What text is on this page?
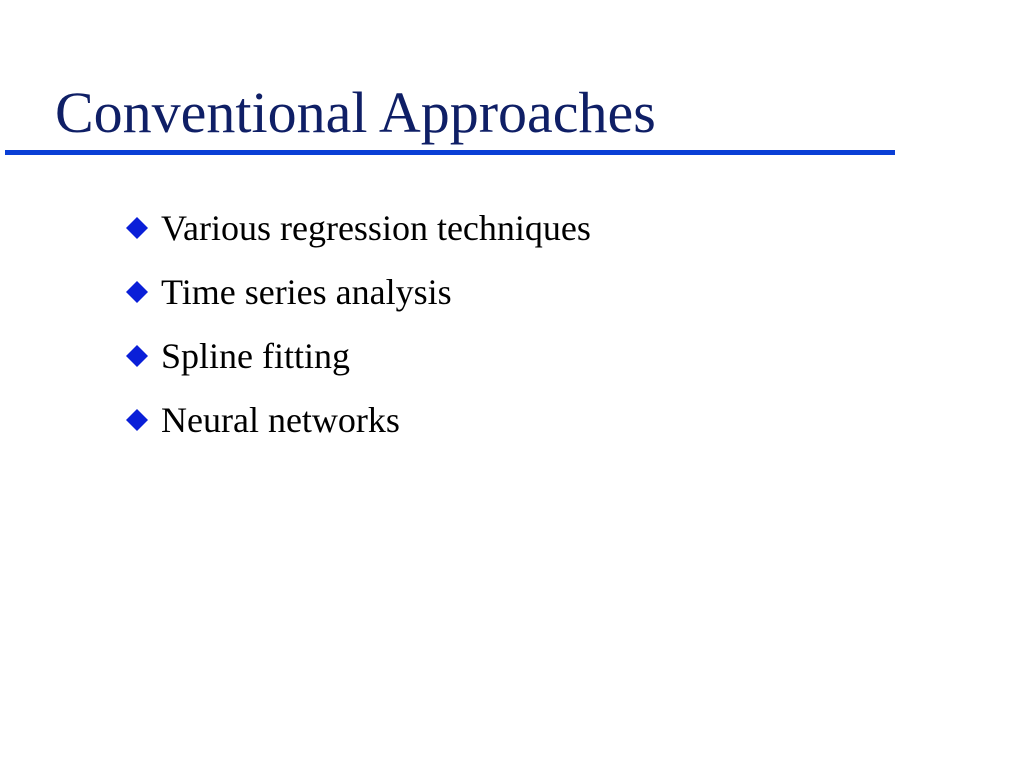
Conventional Approaches
Various regression techniques
Time series analysis
Spline fitting
Neural networks
